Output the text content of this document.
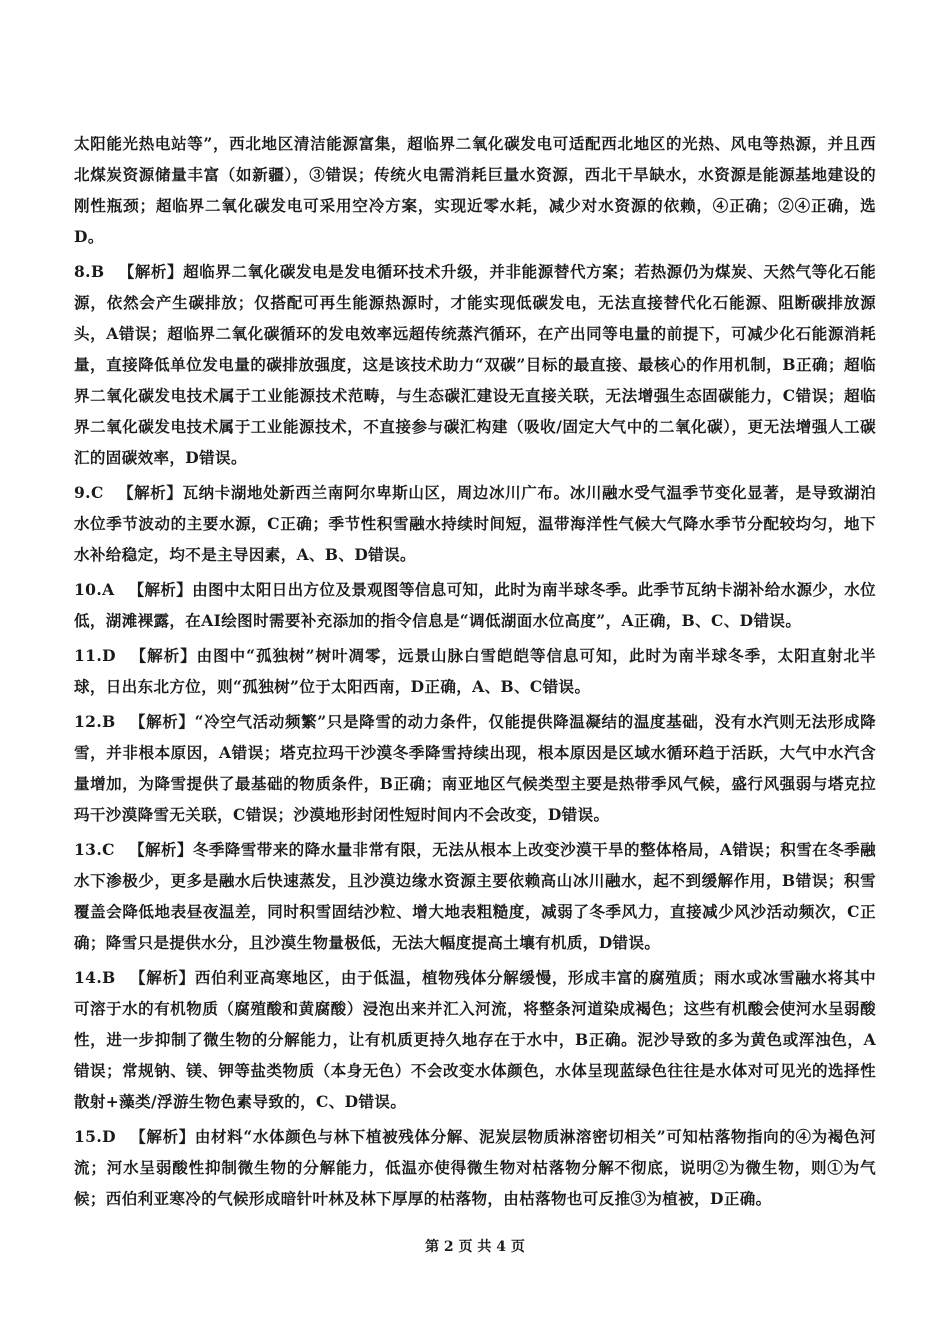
太阳能光热电站等”，西北地区清洁能源富集，超临界二氧化碳发电可适配西北地区的光热、风电等热源，并且西北煤炭资源储量丰富（如新疆），③错误；传统火电需消耗巨量水资源，西北干旱缺水，水资源是能源基地建设的刚性瓶颈；超临界二氧化碳发电可采用空冷方案，实现近零水耗，减少对水资源的依赖，④正确；②④正确，选D。

8.B 【解析】超临界二氧化碳发电是发电循环技术升级，并非能源替代方案；若热源仍为煤炭、天然气等化石能源，依然会产生碳排放；仅搭配可再生能源热源时，才能实现低碳发电，无法直接替代化石能源、阻断碳排放源头，A错误；超临界二氧化碳循环的发电效率远超传统蒸汽循环，在产出同等电量的前提下，可减少化石能源消耗量，直接降低单位发电量的碳排放强度，这是该技术助力“双碳”目标的最直接、最核心的作用机制，B正确；超临界二氧化碳发电技术属于工业能源技术范畴，与生态碳汇建设无直接关联，无法增强生态固碳能力，C错误；超临界二氧化碳发电技术属于工业能源技术，不直接参与碳汇构建（吸收/固定大气中的二氧化碳），更无法增强人工碳汇的固碳效率，D错误。

9.C 【解析】瓦纳卡湖地处新西兰南阿尔卑斯山区，周边冰川广布。冰川融水受气温季节变化显著，是导致湖泊水位季节波动的主要水源，C正确；季节性积雪融水持续时间短，温带海洋性气候大气降水季节分配较均匀，地下水补给稳定，均不是主导因素，A、B、D错误。

10.A 【解析】由图中太阳日出方位及景观图等信息可知，此时为南半球冬季。此季节瓦纳卡湖补给水源少，水位低，湖滩裸露，在AI绘图时需要补充添加的指令信息是“调低湖面水位高度”，A正确，B、C、D错误。

11.D 【解析】由图中“孤独树”树叶凋零，远景山脉白雪皑皑等信息可知，此时为南半球冬季，太阳直射北半球，日出东北方位，则“孤独树”位于太阳西南，D正确，A、B、C错误。

12.B 【解析】“冷空气活动频繁”只是降雪的动力条件，仅能提供降温凝结的温度基础，没有水汽则无法形成降雪，并非根本原因，A错误；塔克拉玛干沙漠冬季降雪持续出现，根本原因是区域水循环趋于活跃，大气中水汽含量增加，为降雪提供了最基础的物质条件，B正确；南亚地区气候类型主要是热带季风气候，盛行风强弱与塔克拉玛干沙漠降雪无关联，C错误；沙漠地形封闭性短时间内不会改变，D错误。

13.C 【解析】冬季降雪带来的降水量非常有限，无法从根本上改变沙漠干旱的整体格局，A错误；积雪在冬季融水下渗极少，更多是融水后快速蒸发，且沙漠边缘水资源主要依赖高山冰川融水，起不到缓解作用，B错误；积雪覆盖会降低地表昼夜温差，同时积雪固结沙粒、增大地表粗糙度，减弱了冬季风力，直接减少风沙活动频次，C正确；降雪只是提供水分，且沙漠生物量极低，无法大幅度提高土壤有机质，D错误。

14.B 【解析】西伯利亚高寒地区，由于低温，植物残体分解缓慢，形成丰富的腐殖质；雨水或冰雪融水将其中可溶于水的有机物质（腐殖酸和黄腐酸）浸泡出来并汇入河流，将整条河道染成褐色；这些有机酸会使河水呈弱酸性，进一步抑制了微生物的分解能力，让有机质更持久地存在于水中，B正确。泥沙导致的多为黄色或浑浊色，A错误；常规钠、镁、钾等盐类物质（本身无色）不会改变水体颜色，水体呈现蓝绿色往往是水体对可见光的选择性散射+藻类/浮游生物色素导致的，C、D错误。

15.D 【解析】由材料“水体颜色与林下植被残体分解、泥炭层物质淋溶密切相关”可知枯落物指向的④为褐色河流；河水呈弱酸性抑制微生物的分解能力，低温亦使得微生物对枯落物分解不彻底，说明②为微生物，则①为气候；西伯利亚寒冷的气候形成暗针叶林及林下厚厚的枯落物，由枯落物也可反推③为植被，D正确。

第 2 页 共 4 页
